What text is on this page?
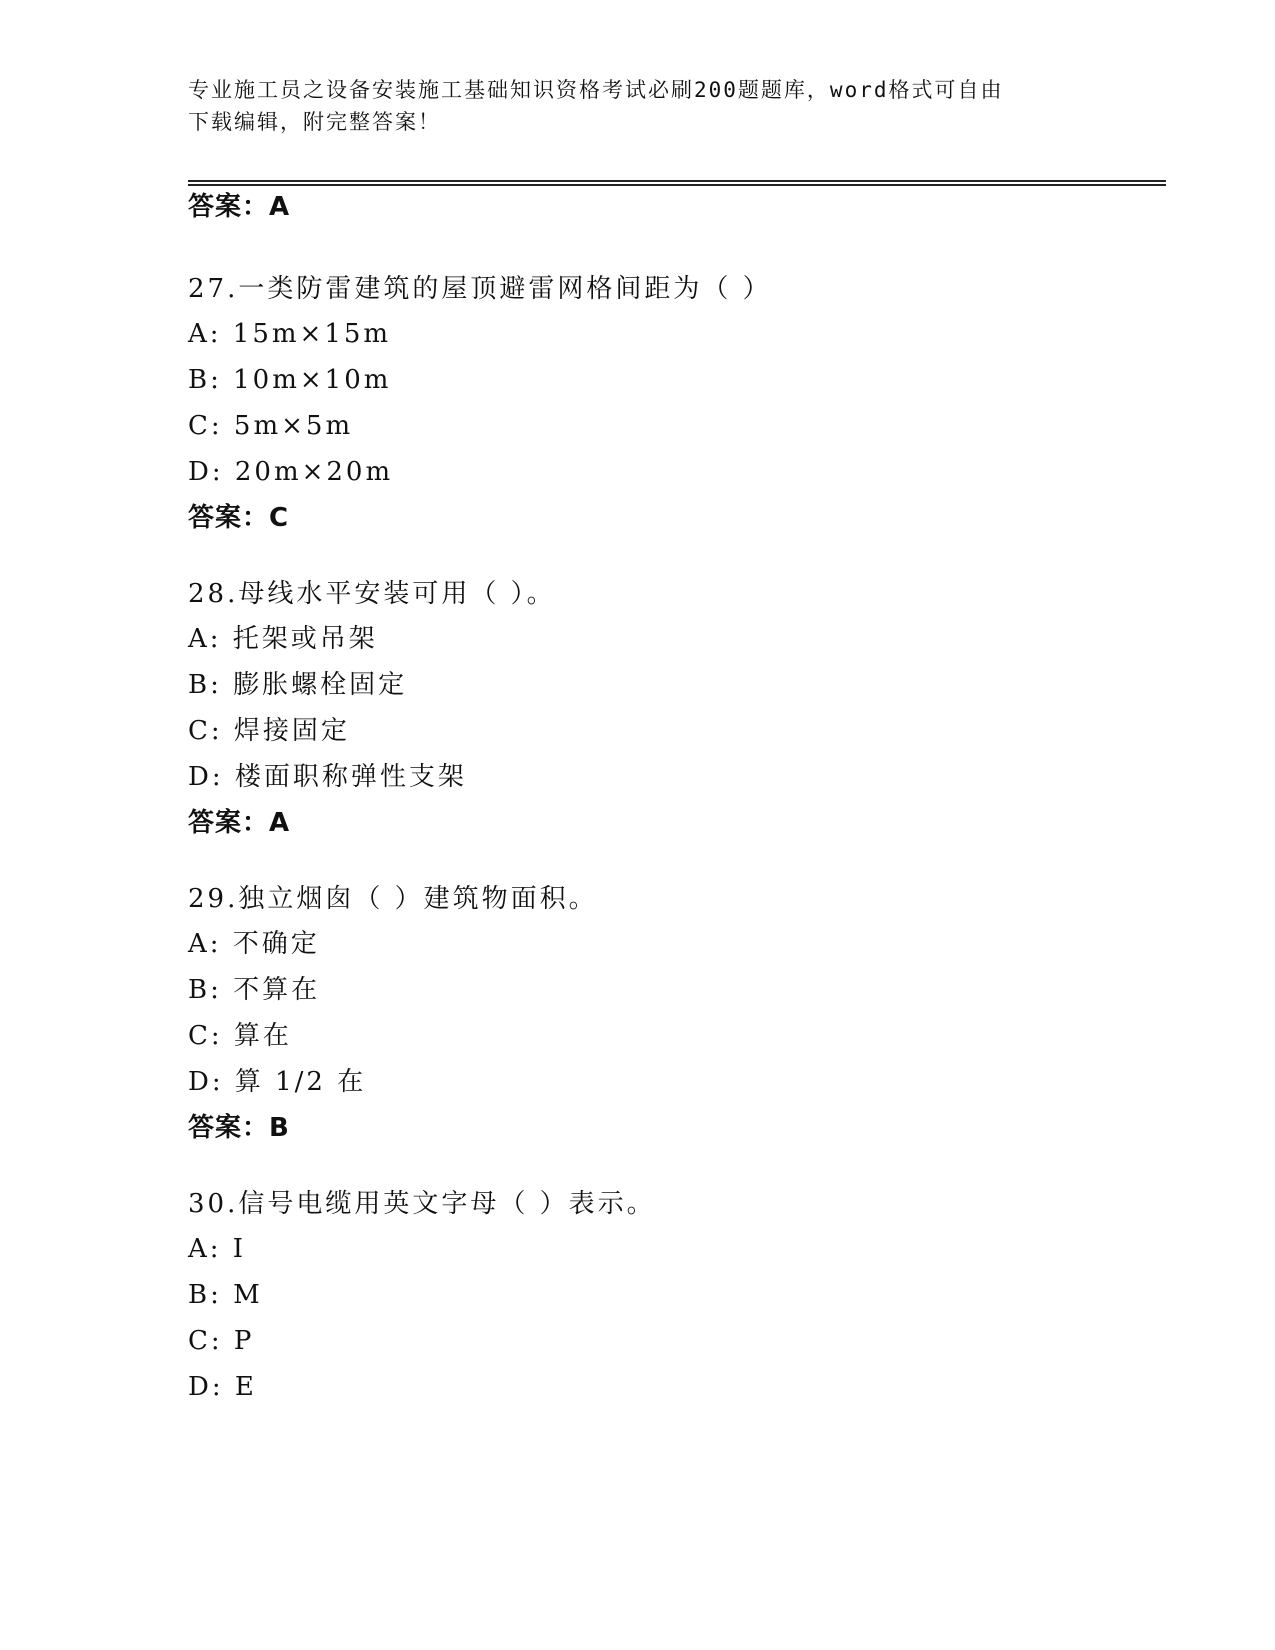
专业施工员之设备安装施工基础知识资格考试必刷200题题库，word格式可自由
下载编辑，附完整答案！
答案：A

27.一类防雷建筑的屋顶避雷网格间距为（ ）

A: 15m×15m

B: 10m×10m

C: 5m×5m

D: 20m×20m

答案：C

28.母线水平安装可用（ ）。

A: 托架或吊架

B: 膨胀螺栓固定

C: 焊接固定

D: 楼面职称弹性支架

答案：A

29.独立烟囱（ ）建筑物面积。

A: 不确定

B: 不算在

C: 算在

D: 算 1/2 在

答案：B

30.信号电缆用英文字母（ ）表示。

A: I

B: M

C: P

D: E
